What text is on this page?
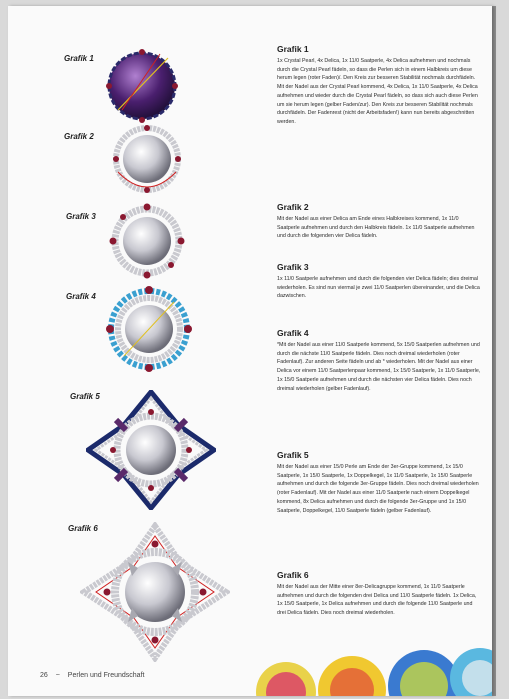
Grafik 1
Grafik 2
Grafik 3
Grafik 4
Grafik 5
Grafik 6
Grafik 1

1x Crystal Pearl, 4x Delica, 1x 11/0 Saatperle, 4x Delica aufnehmen und nochmals durch die Crystal Pearl fädeln, so dass die Perlen sich in einem Halbkreis um diese herum legen (roter Faden)/. Den Kreis zur besseren Stabilität nochmals durchfädeln. Mit der Nadel aus der Crystal Pearl kommend, 4x Delica, 1x 11/0 Saatperle, 4x Delica aufnehmen und wieder durch die Crystal Pearl fädeln, so dass sich auch diese Perlen um sie herum legen (gelber Faden/zur). Den Kreis zur besseren Stabilität nochmals durchfädeln. Der Fadenrest (nicht der Arbeitsfaden!) kann nun bereits abgeschnitten werden.

Grafik 2

Mit der Nadel aus einer Delica am Ende eines Halbkreises kommend, 1x 11/0 Saatperle aufnehmen und durch den Halbkreis fädeln. 1x 11/0 Saatperle aufnehmen und durch die folgenden vier Delica fädeln.

Grafik 3

1x 11/0 Saatperle aufnehmen und durch die folgenden vier Delica fädeln; dies dreimal wiederholen. Es sind nun viermal je zwei 11/0 Saatperlen übereinander, und die Delica dazwischen.

Grafik 4

*Mit der Nadel aus einer 11/0 Saatperle kommend, 5x 15/0 Saatperlen aufnehmen und durch die nächste 11/0 Saatperle fädeln. Dies noch dreimal wiederholen (roter Fadenlauf). Zur anderen Seite fädeln und ab * wiederholen. Mit der Nadel aus einer Delica vor einem 11/0 Saatperlenpaar kommend, 1x 15/0 Saatperle, 1x 11/0 Saatperle, 1x 15/0 Saatperle aufnehmen und durch die nächsten vier Delica fädeln. Dies noch dreimal wiederholen (gelber Fadenlauf).

Grafik 5

Mit der Nadel aus einer 15/0 Perle am Ende der 3er-Gruppe kommend, 1x 15/0 Saatperle, 1x 15/0 Saatperle, 1x Doppelkegel, 1x 11/0 Saatperle, 1x 15/0 Saatperle aufnehmen und durch die folgende 3er-Gruppe fädeln. Dies noch dreimal wiederholen (roter Fadenlauf). Mit der Nadel aus einer 11/0 Saatperle nach einem Doppelkegel kommend, 8x Delica aufnehmen und durch die folgende 3er-Gruppe und 1x 15/0 Saatperle, Doppelkegel, 11/0 Saatperle fädeln (gelber Fadenlauf).

Grafik 6

Mit der Nadel aus der Mitte einer 8er-Delicagruppe kommend, 1x 11/0 Saatperle aufnehmen und durch die folgenden drei Delica und 11/0 Saatperle fädeln. 1x Delica, 1x 15/0 Saatperle, 1x Delica aufnehmen und durch die folgende 11/0 Saatperle und drei Delica fädeln. Dies noch dreimal wiederholen.

26 ~ Perlen und Freundschaft
